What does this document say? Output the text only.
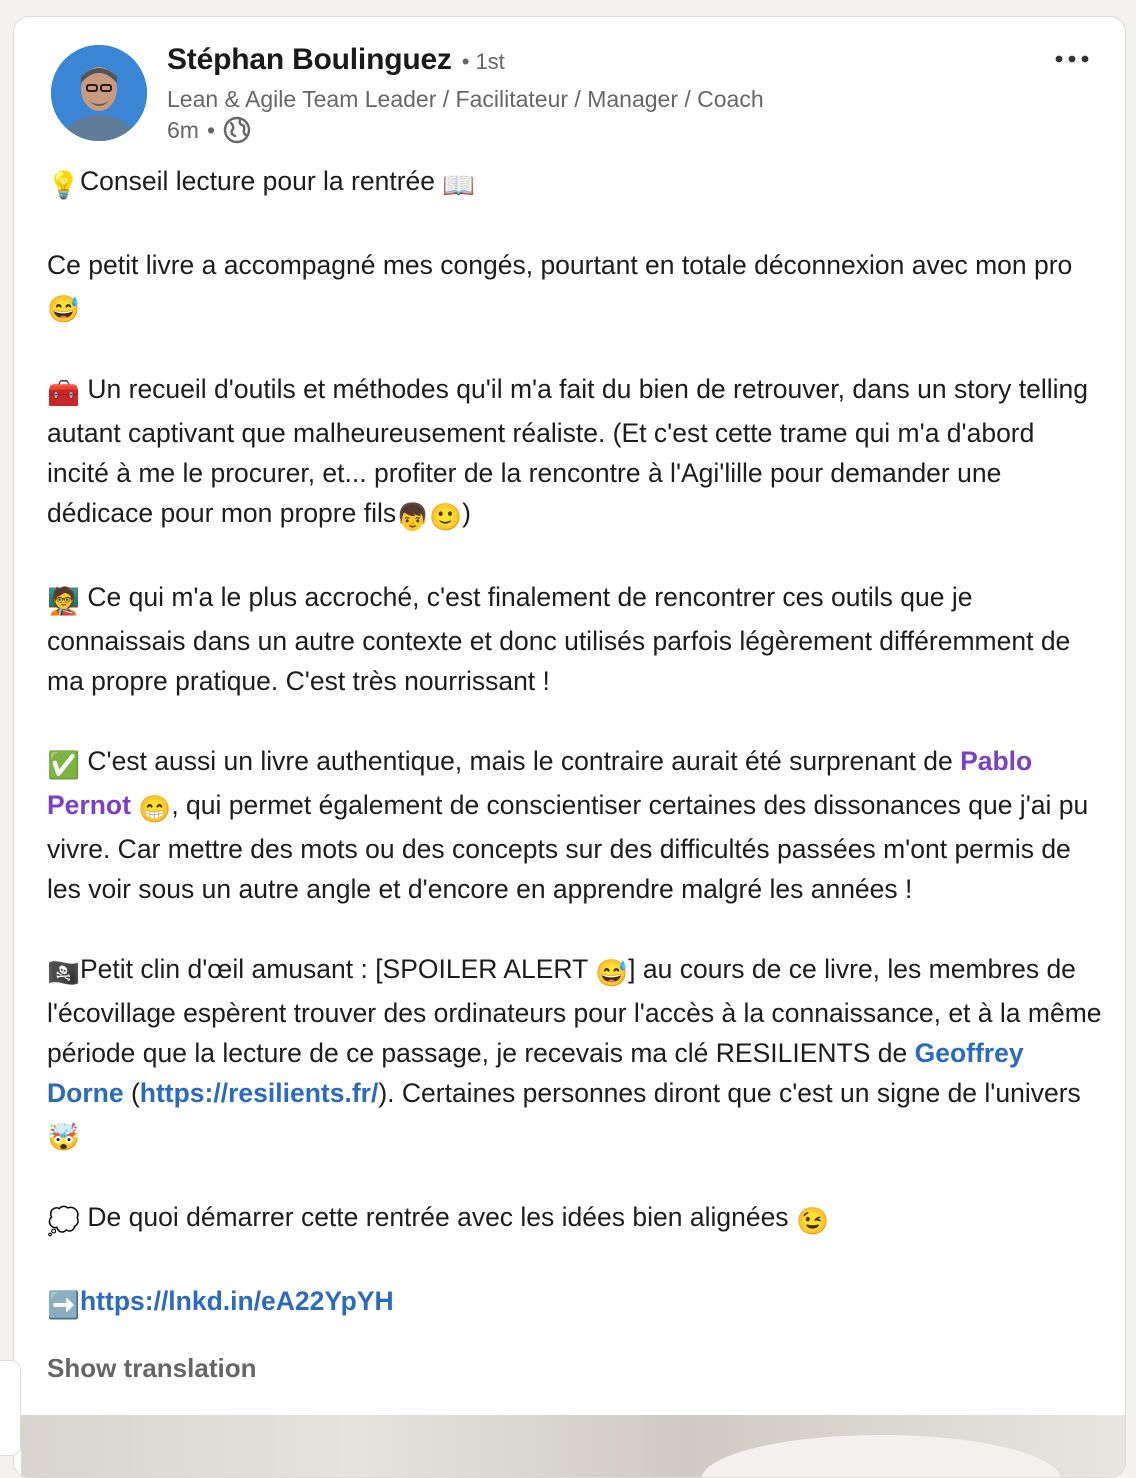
Stéphan Boulinguez • 1st
Lean & Agile Team Leader / Facilitateur / Manager / Coach
6m •

💡Conseil lecture pour la rentrée 📖

Ce petit livre a accompagné mes congés, pourtant en totale déconnexion avec mon pro 😅

🧰 Un recueil d'outils et méthodes qu'il m'a fait du bien de retrouver, dans un story telling autant captivant que malheureusement réaliste. (Et c'est cette trame qui m'a d'abord incité à me le procurer, et... profiter de la rencontre à l'Agi'lille pour demander une dédicace pour mon propre fils👦🙂)

🧑‍🏫 Ce qui m'a le plus accroché, c'est finalement de rencontrer ces outils que je connaissais dans un autre contexte et donc utilisés parfois légèrement différemment de ma propre pratique. C'est très nourrissant !

✅ C'est aussi un livre authentique, mais le contraire aurait été surprenant de Pablo Pernot 😁, qui permet également de conscientiser certaines des dissonances que j'ai pu vivre. Car mettre des mots ou des concepts sur des difficultés passées m'ont permis de les voir sous un autre angle et d'encore en apprendre malgré les années !

🏴‍☠️Petit clin d'œil amusant : [SPOILER ALERT 😅] au cours de ce livre, les membres de l'écovillage espèrent trouver des ordinateurs pour l'accès à la connaissance, et à la même période que la lecture de ce passage, je recevais ma clé RESILIENTS de Geoffrey Dorne (https://resilients.fr/). Certaines personnes diront que c'est un signe de l'univers 🤯

💭 De quoi démarrer cette rentrée avec les idées bien alignées 😉

➡️https://lnkd.in/eA22YpYH

Show translation
